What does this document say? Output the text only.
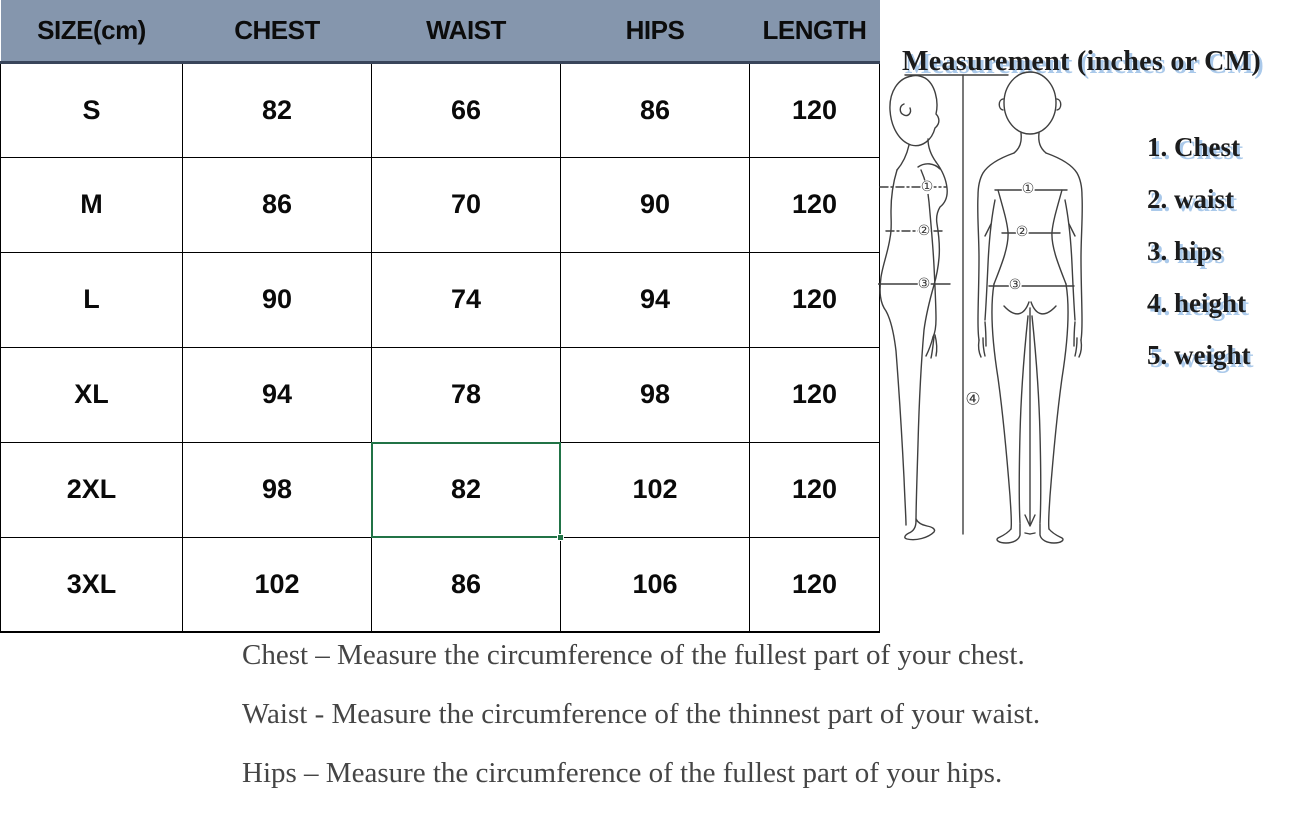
SIZE(cm)	CHEST	WAIST	HIPS	LENGTH
S	82	66	86	120
M	86	70	90	120
L	90	74	94	120
XL	94	78	98	120
2XL	98	82	102	120
3XL	102	86	106	120
Measurement (inches or CM)
①
②
③
①
②
③
④
1. Chest
2. waist
3. hips
4. height
5. weight
Chest – Measure the circumference of the fullest part of your chest.
Waist - Measure the circumference of the thinnest part of your waist.
Hips – Measure the circumference of the fullest part of your hips.
